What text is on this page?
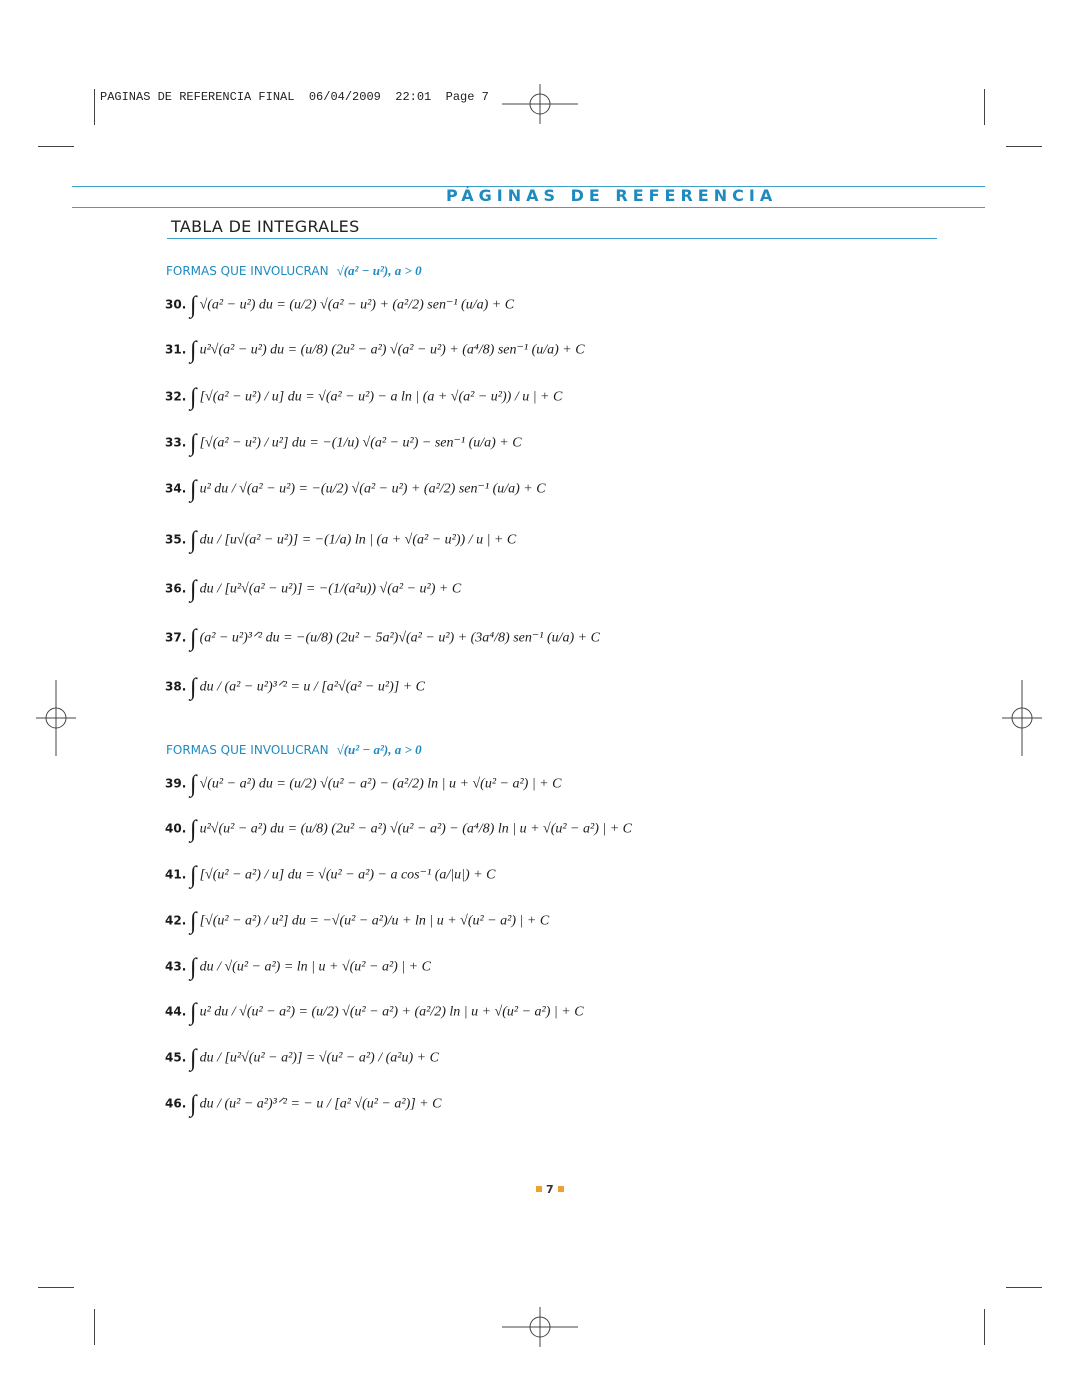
PAGINAS DE REFERENCIA FINAL  06/04/2009  22:01  Page 7
PÁGINAS DE REFERENCIA
TABLA DE INTEGRALES
FORMAS QUE INVOLUCRAN √(a² − u²), a > 0
30. ∫ √(a² − u²) du = (u/2) √(a² − u²) + (a²/2) sen⁻¹ (u/a) + C
31. ∫ u²√(a² − u²) du = (u/8) (2u² − a²) √(a² − u²) + (a⁴/8) sen⁻¹ (u/a) + C
32. ∫ [√(a² − u²) / u] du = √(a² − u²) − a ln | (a + √(a² − u²)) / u | + C
33. ∫ [√(a² − u²) / u²] du = −(1/u) √(a² − u²) − sen⁻¹ (u/a) + C
34. ∫ u² du / √(a² − u²) = −(u/2) √(a² − u²) + (a²/2) sen⁻¹ (u/a) + C
35. ∫ du / [u√(a² − u²)] = −(1/a) ln | (a + √(a² − u²)) / u | + C
36. ∫ du / [u²√(a² − u²)] = −(1/(a²u)) √(a² − u²) + C
37. ∫ (a² − u²)³ᐟ² du = −(u/8) (2u² − 5a²)√(a² − u²) + (3a⁴/8) sen⁻¹ (u/a) + C
38. ∫ du / (a² − u²)³ᐟ² = u / [a²√(a² − u²)] + C
FORMAS QUE INVOLUCRAN √(u² − a²), a > 0
39. ∫ √(u² − a²) du = (u/2) √(u² − a²) − (a²/2) ln | u + √(u² − a²) | + C
40. ∫ u²√(u² − a²) du = (u/8) (2u² − a²) √(u² − a²) − (a⁴/8) ln | u + √(u² − a²) | + C
41. ∫ [√(u² − a²) / u] du = √(u² − a²) − a cos⁻¹ (a/|u|) + C
42. ∫ [√(u² − a²) / u²] du = −√(u² − a²)/u + ln | u + √(u² − a²) | + C
43. ∫ du / √(u² − a²) = ln | u + √(u² − a²) | + C
44. ∫ u² du / √(u² − a²) = (u/2) √(u² − a²) + (a²/2) ln | u + √(u² − a²) | + C
45. ∫ du / [u²√(u² − a²)] = √(u² − a²) / (a²u) + C
46. ∫ du / (u² − a²)³ᐟ² = − u / [a² √(u² − a²)] + C
7
